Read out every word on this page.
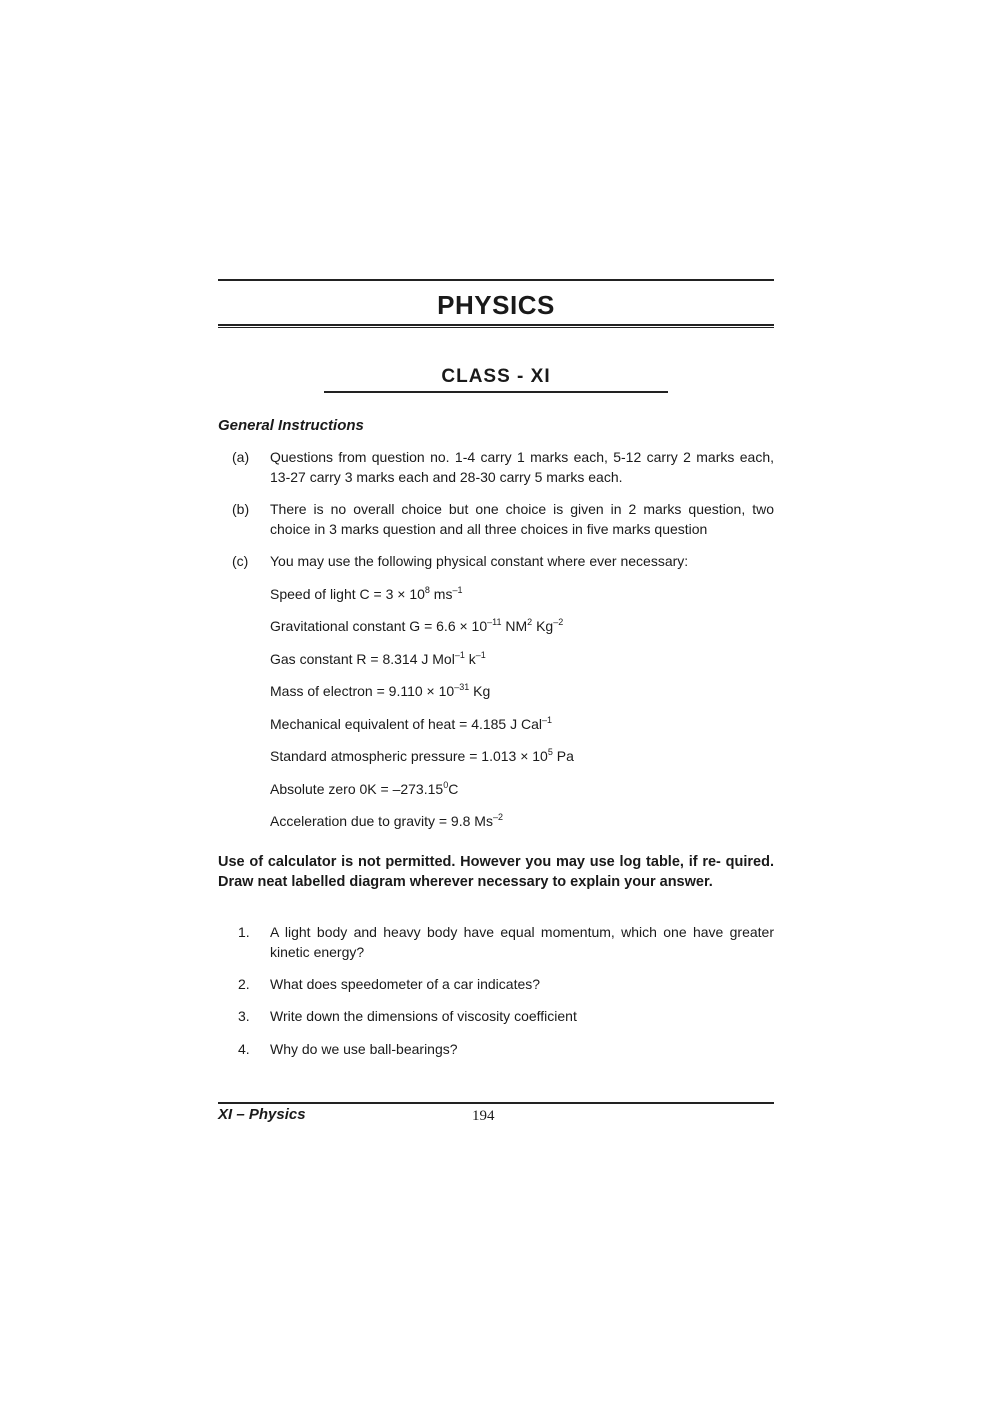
PHYSICS
CLASS - XI
General Instructions
(a) Questions from question no. 1-4 carry 1 marks each, 5-12 carry 2 marks each, 13-27 carry 3 marks each and 28-30 carry 5 marks each.
(b) There is no overall choice but one choice is given in 2 marks question, two choice in 3 marks question and all three choices in five marks question
(c) You may use the following physical constant where ever necessary:
Speed of light $C = 3 \times 10^8$ $ms^{-1}$
Gravitational constant $G = 6.6 \times 10^{-11}$ $NM^2$ $Kg^{-2}$
Gas constant R = 8.314 J Mol$^{-1}$ $k^{-1}$
Mass of electron = $9.110 \times 10^{-31}$ Kg
Mechanical equivalent of heat = 4.185 J Cal$^{-1}$
Standard atmospheric pressure = $1.013 \times 10^5$ Pa
Absolute zero $0K = -273.15^0C$
Acceleration due to gravity = 9.8 $Ms^{-2}$
Use of calculator is not permitted. However you may use log table, if re- quired. Draw neat labelled diagram wherever necessary to explain your answer.
1. A light body and heavy body have equal momentum, which one have greater kinetic energy?
2. What does speedometer of a car indicates?
3. Write down the dimensions of viscosity coefficient
4. Why do we use ball-bearings?
XI – Physics	194
